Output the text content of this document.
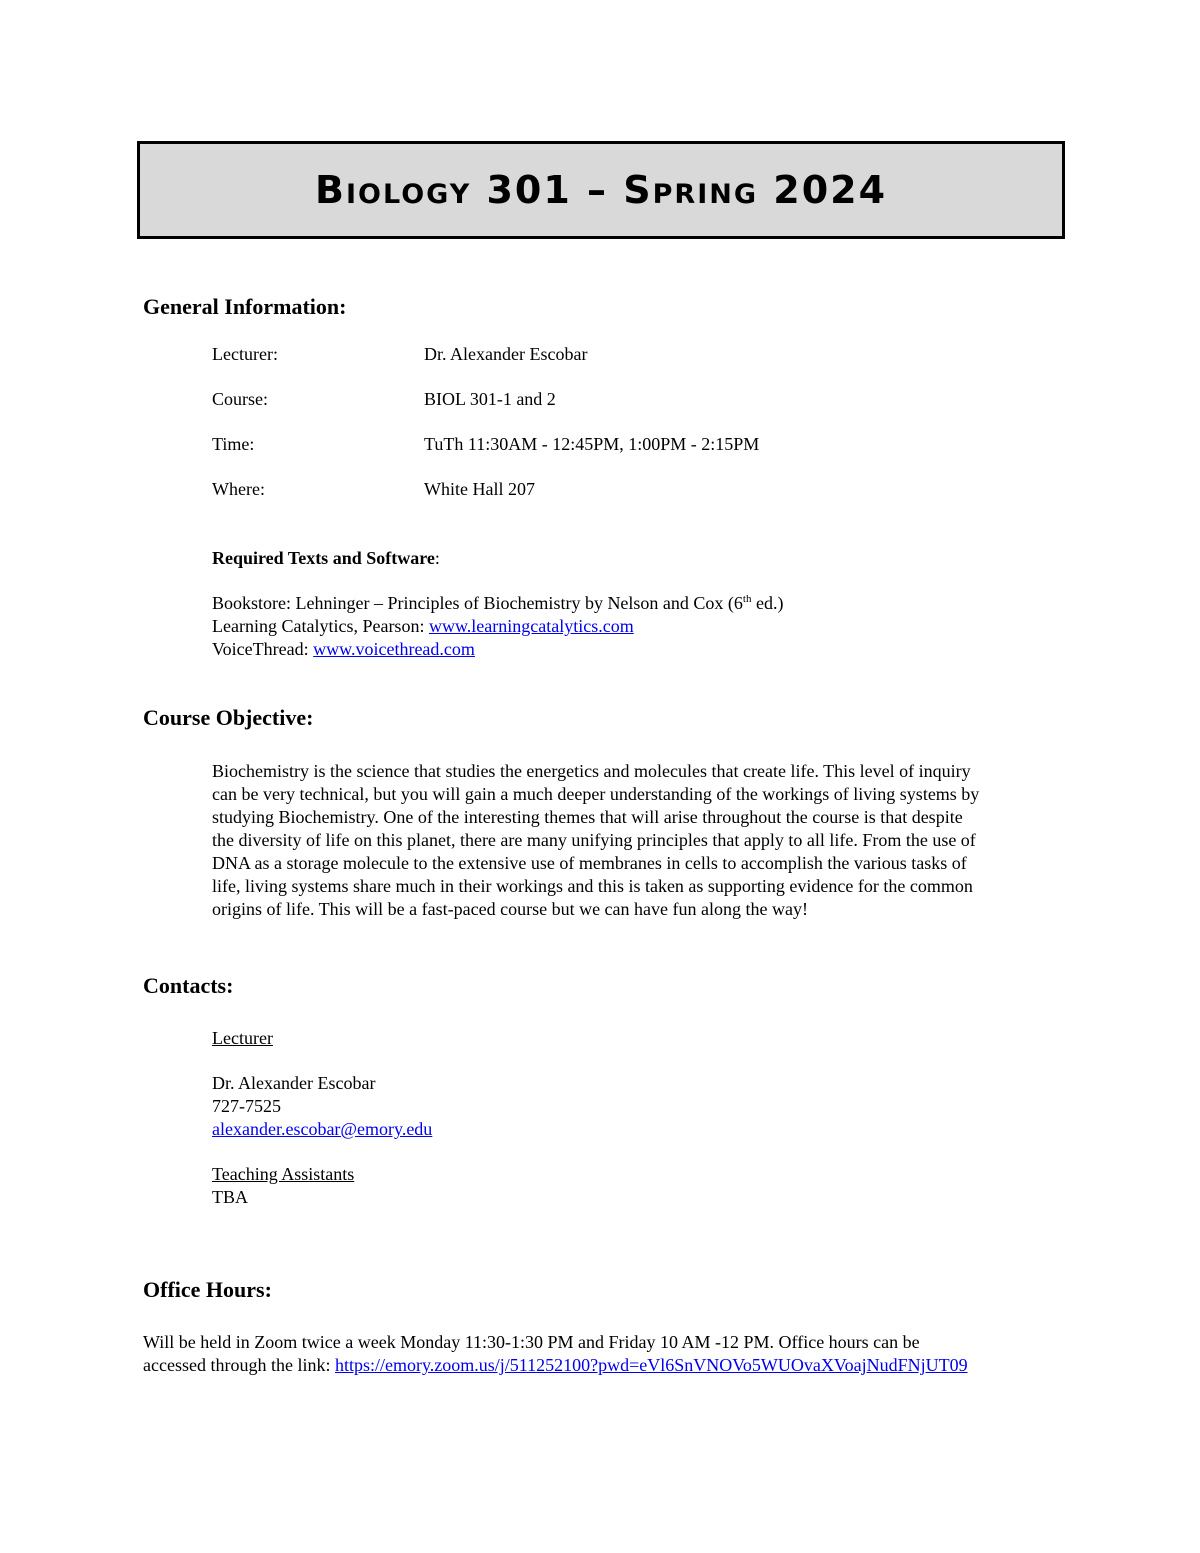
Biology 301 – Spring 2024
General Information:
Lecturer:	Dr. Alexander Escobar
Course:	BIOL 301-1 and 2
Time:	TuTh 11:30AM - 12:45PM, 1:00PM - 2:15PM
Where:	White Hall 207
Required Texts and Software:
Bookstore: Lehninger – Principles of Biochemistry by Nelson and Cox (6th ed.)
Learning Catalytics, Pearson: www.learningcatalytics.com
VoiceThread: www.voicethread.com
Course Objective:
Biochemistry is the science that studies the energetics and molecules that create life. This level of inquiry
can be very technical, but you will gain a much deeper understanding of the workings of living systems by
studying Biochemistry. One of the interesting themes that will arise throughout the course is that despite
the diversity of life on this planet, there are many unifying principles that apply to all life. From the use of
DNA as a storage molecule to the extensive use of membranes in cells to accomplish the various tasks of
life, living systems share much in their workings and this is taken as supporting evidence for the common
origins of life. This will be a fast-paced course but we can have fun along the way!
Contacts:
Lecturer
Dr. Alexander Escobar
727-7525
alexander.escobar@emory.edu
Teaching Assistants
TBA
Office Hours:
Will be held in Zoom twice a week Monday 11:30-1:30 PM and Friday 10 AM -12 PM. Office hours can be
accessed through the link: https://emory.zoom.us/j/511252100?pwd=eVl6SnVNOVo5WUOvaXVoajNudFNjUT09
